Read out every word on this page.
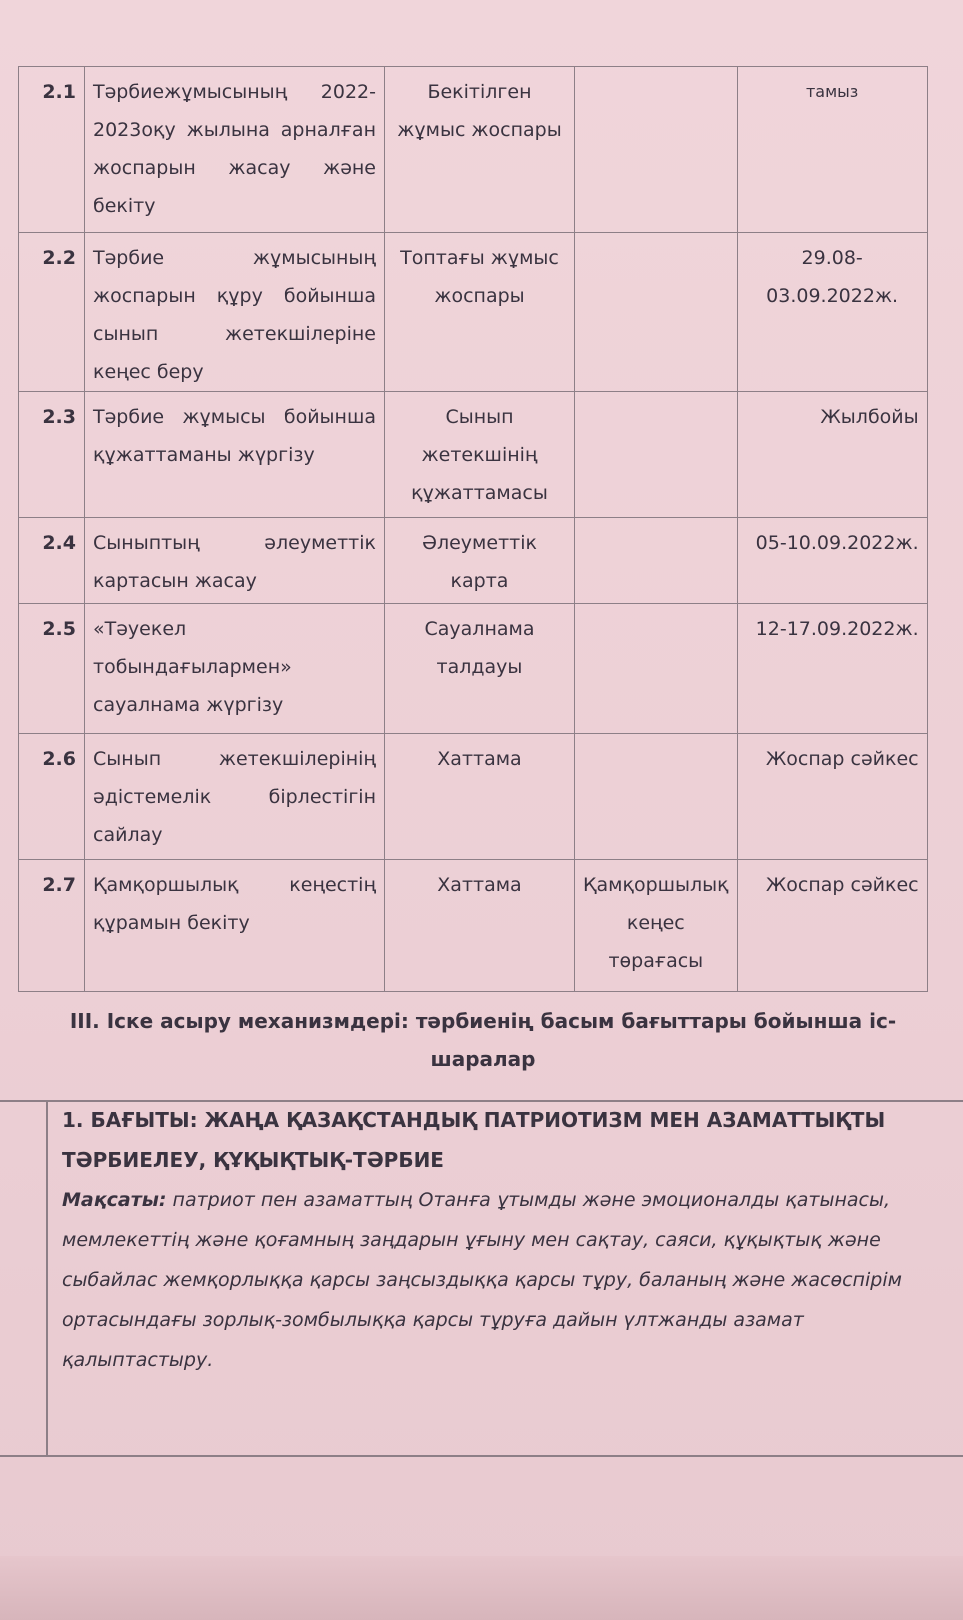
2.1	Тәрбиежұмысының 2022-2023оқу жылына арналған жоспарын жасау және бекіту	Бекітілген жұмыс жоспары		тамыз
2.2	Тәрбие жұмысының жоспарын құру бойынша сынып жетекшілеріне кеңес беру	Топтағы жұмыс жоспары		29.08-03.09.2022ж.
2.3	Тәрбие жұмысы бойынша құжаттаманы жүргізу	Сынып жетекшінің құжаттамасы		Жылбойы
2.4	Сыныптың әлеуметтік картасын жасау	Әлеуметтік карта		05-10.09.2022ж.
2.5	«Тәуекел тобындағылармен» сауалнама жүргізу	Сауалнама талдауы		12-17.09.2022ж.
2.6	Сынып жетекшілерінің әдістемелік бірлестігін сайлау	Хаттама		Жоспар сәйкес
2.7	Қамқоршылық кеңестің құрамын бекіту	Хаттама	Қамқоршылық кеңес төрағасы	Жоспар сәйкес
ІІІ. Іске асыру механизмдері: тәрбиенің басым бағыттары бойынша іс-шаралар
1. БАҒЫТЫ: ЖАҢА ҚАЗАҚСТАНДЫҚ ПАТРИОТИЗМ МЕН АЗАМАТТЫҚТЫ ТӘРБИЕЛЕУ, ҚҰҚЫҚТЫҚ-ТӘРБИЕ
Мақсаты: патриот пен азаматтың Отанға ұтымды және эмоционалды қатынасы, мемлекеттің және қоғамның заңдарын ұғыну мен сақтау, саяси, құқықтық және сыбайлас жемқорлыққа қарсы заңсыздыққа қарсы тұру, баланың және жасөспірім ортасындағы зорлық-зомбылыққа қарсы тұруға дайын үлтжанды азамат қалыптастыру.
